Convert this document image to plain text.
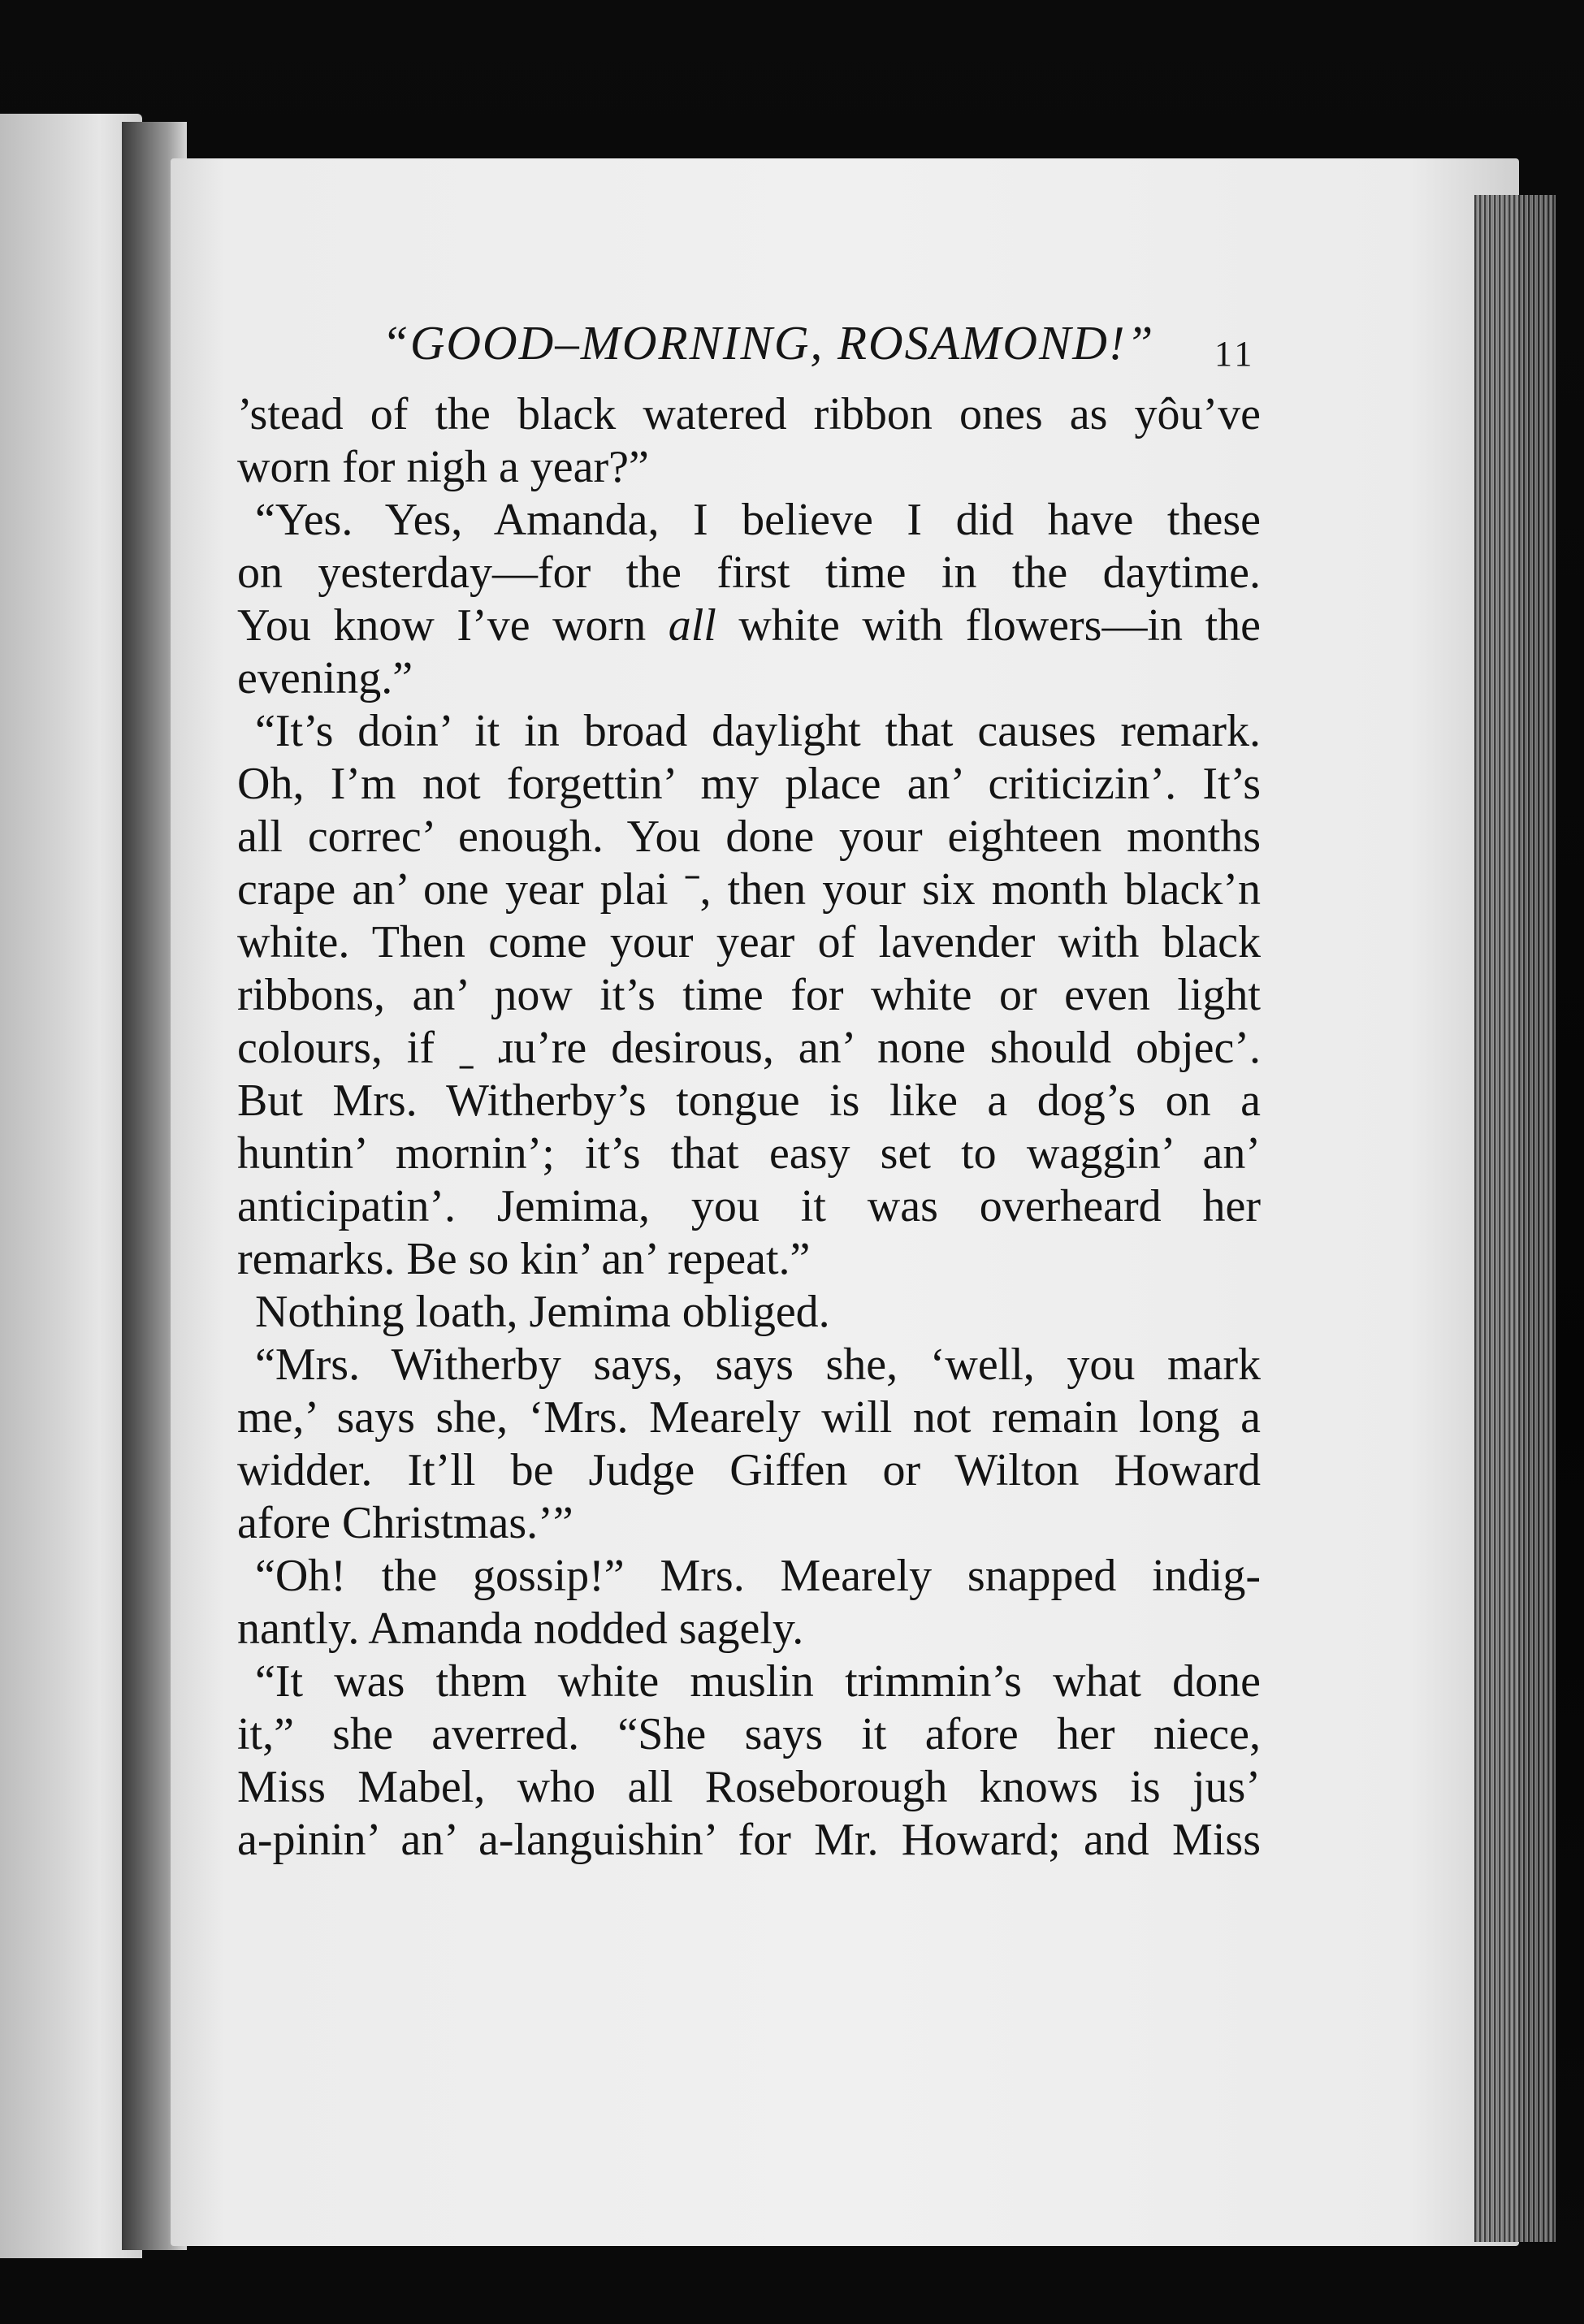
“GOOD–MORNING, ROSAMOND!”	11
’stead of the black watered ribbon ones as yôu’ve
worn for nigh a year?”
“Yes. Yes, Amanda, I believe I did have these
on yesterday—for the first time in the daytime.
You know I’ve worn all white with flowers—in the
evening.”
“It’s doin’ it in broad daylight that causes remark.
Oh, I’m not forgettin’ my place an’ criticizin’. It’s
all correc’ enough. You done your eighteen months
crape an’ one year plai ˉ, then your six month black’n
white. Then come your year of lavender with black
ribbons, an’ ɲow it’s time for white or even light
colours, if ˍ ɹu’re desirous, an’ none should objec’.
But Mrs. Witherby’s tongue is like a dog’s on a
huntin’ mornin’; it’s that easy set to waggin’ an’
anticipatin’. Jemima, you it was overheard her
remarks. Be so kin’ an’ repeat.”
Nothing loath, Jemima obliged.
“Mrs. Witherby says, says she, ‘well, you mark
me,’ says she, ‘Mrs. Mearely will not remain long a
widder. It’ll be Judge Giffen or Wilton Howard
afore Christmas.’”
“Oh! the gossip!” Mrs. Mearely snapped indig-
nantly. Amanda nodded sagely.
“It was thɐm white muslin trimmin’s what done
it,” she averred. “She says it afore her niece,
Miss Mabel, who all Roseborough knows is jus’
a-pinin’ an’ a-languishin’ for Mr. Howard; and Miss
